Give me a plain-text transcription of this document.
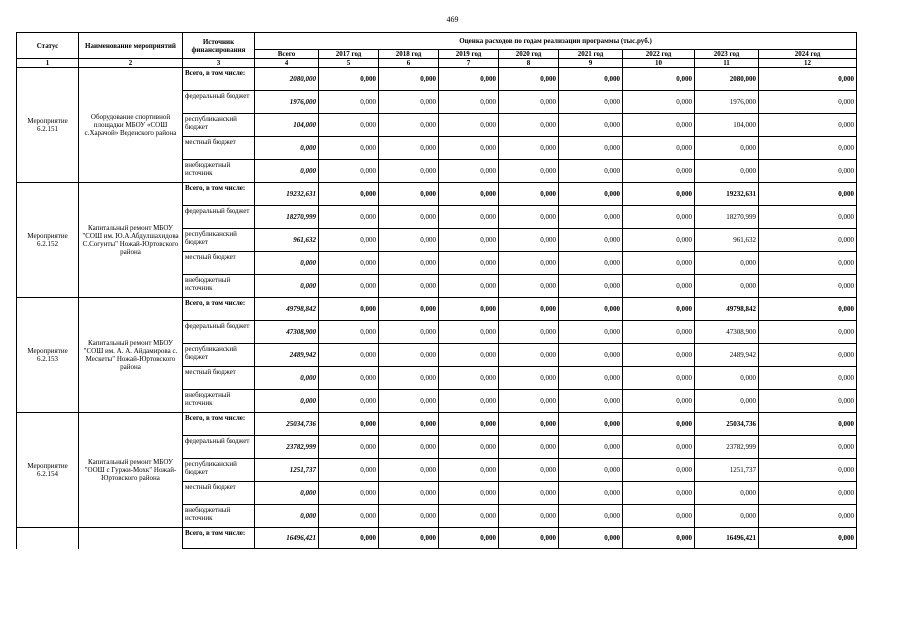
469
Статус	Наименование мероприятий	Источник финансирования	Оценка расходов по годам реализации программы (тыс.руб.)								
			Всего	2017 год	2018 год	2019 год	2020 год	2021 год	2022 год	2023 год	2024 год
1	2	3	4	5	6	7	8	9	10	11	12
Мероприятие 6.2.151	Оборудование спортивной площадки МБОУ «СОШ с.Харачой» Веденского района	Всего, в том числе:	2080,000	0,000	0,000	0,000	0,000	0,000	0,000	2080,000	0,000
		федеральный бюджет	1976,000	0,000	0,000	0,000	0,000	0,000	0,000	1976,000	0,000
		республиканский бюджет	104,000	0,000	0,000	0,000	0,000	0,000	0,000	104,000	0,000
		местный бюджет	0,000	0,000	0,000	0,000	0,000	0,000	0,000	0,000	0,000
		внебюджетный источник	0,000	0,000	0,000	0,000	0,000	0,000	0,000	0,000	0,000
Мероприятие 6.2.152	Капитальный ремонт МБОУ "СОШ им. Ю.А.Абдулшахидова С.Согунты" Ножай-Юртовского района	Всего, в том числе:	19232,631	0,000	0,000	0,000	0,000	0,000	0,000	19232,631	0,000
		федеральный бюджет	18270,999	0,000	0,000	0,000	0,000	0,000	0,000	18270,999	0,000
		республиканский бюджет	961,632	0,000	0,000	0,000	0,000	0,000	0,000	961,632	0,000
		местный бюджет	0,000	0,000	0,000	0,000	0,000	0,000	0,000	0,000	0,000
		внебюджетный источник	0,000	0,000	0,000	0,000	0,000	0,000	0,000	0,000	0,000
Мероприятие 6.2.153	Капитальный ремонт МБОУ "СОШ им. А. А. Айдамирова с. Мескеты" Ножай-Юртовского района	Всего, в том числе:	49798,842	0,000	0,000	0,000	0,000	0,000	0,000	49798,842	0,000
		федеральный бюджет	47308,900	0,000	0,000	0,000	0,000	0,000	0,000	47308,900	0,000
		республиканский бюджет	2489,942	0,000	0,000	0,000	0,000	0,000	0,000	2489,942	0,000
		местный бюджет	0,000	0,000	0,000	0,000	0,000	0,000	0,000	0,000	0,000
		внебюджетный источник	0,000	0,000	0,000	0,000	0,000	0,000	0,000	0,000	0,000
Мероприятие 6.2.154	Капитальный ремонт МБОУ "ООШ с Гуржи-Мохк" Ножай-Юртовского района	Всего, в том числе:	25034,736	0,000	0,000	0,000	0,000	0,000	0,000	25034,736	0,000
		федеральный бюджет	23782,999	0,000	0,000	0,000	0,000	0,000	0,000	23782,999	0,000
		республиканский бюджет	1251,737	0,000	0,000	0,000	0,000	0,000	0,000	1251,737	0,000
		местный бюджет	0,000	0,000	0,000	0,000	0,000	0,000	0,000	0,000	0,000
		внебюджетный источник	0,000	0,000	0,000	0,000	0,000	0,000	0,000	0,000	0,000
		Всего, в том числе:	16496,421	0,000	0,000	0,000	0,000	0,000	0,000	16496,421	0,000
